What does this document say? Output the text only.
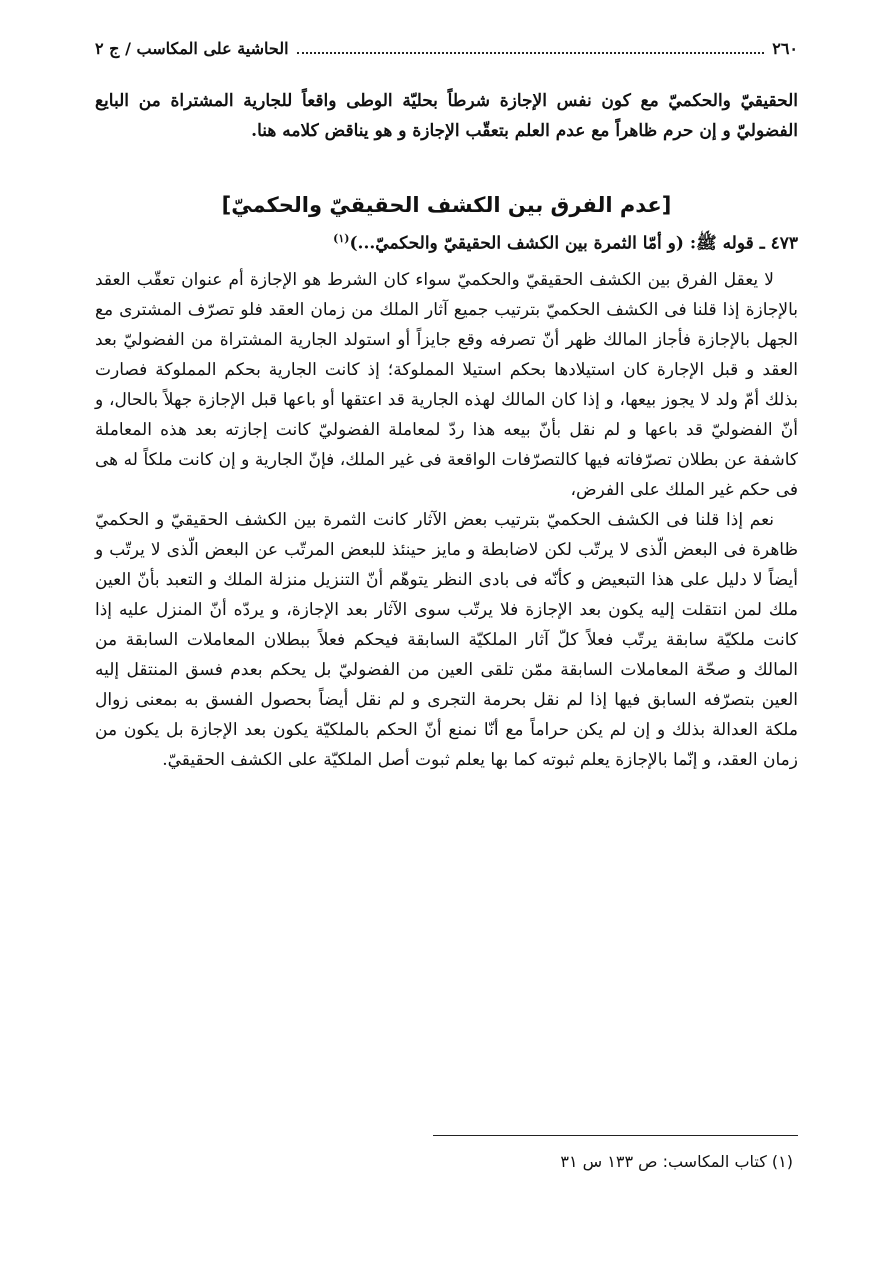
٢٦٠
الحاشية على المكاسب / ج ٢

الحقيقيّ والحكميّ مع كون نفس الإجازة شرطاً بحليّة الوطى واقعاً للجارية المشتراة من البايع الفضوليّ و إن حرم ظاهراً مع عدم العلم بتعقّب الإجازة و هو يناقض كلامه هنا.

[عدم الفرق بين الكشف الحقيقيّ والحكميّ]

٤٧٣ ـ قوله ﷺ: (و أمّا الثمرة بين الكشف الحقيقيّ والحكميّ...)$^{(١)}$

لا يعقل الفرق بين الكشف الحقيقيّ والحكميّ سواء كان الشرط هو الإجازة أم عنوان تعقّب العقد بالإجازة إذا قلنا فى الكشف الحكميّ بترتيب جميع آثار الملك من زمان العقد فلو تصرّف المشترى مع الجهل بالإجازة فأجاز المالك ظهر أنّ تصرفه وقع جايزاً أو استولد الجارية المشتراة من الفضوليّ بعد العقد و قبل الإجارة كان استيلادها بحكم استيلا المملوكة؛ إذ كانت الجارية بحكم المملوكة فصارت بذلك أمّ ولد لا يجوز بيعها، و إذا كان المالك لهذه الجارية قد اعتقها أو باعها قبل الإجازة جهلاً بالحال، و أنّ الفضوليّ قد باعها و لم نقل بأنّ بيعه هذا ردّ لمعاملة الفضوليّ كانت إجازته بعد هذه المعاملة كاشفة عن بطلان تصرّفاته فيها كالتصرّفات الواقعة فى غير الملك، فإنّ الجارية و إن كانت ملكاً له هى فى حكم غير الملك على الفرض،

نعم إذا قلنا فى الكشف الحكميّ بترتيب بعض الآثار كانت الثمرة بين الكشف الحقيقيّ و الحكميّ ظاهرة فى البعض الّذى لا يرتّب لكن لاضابطة و مايز حينئذ للبعض المرتّب عن البعض الّذى لا يرتّب و أيضاً لا دليل على هذا التبعيض و كأنّه فى بادى النظر يتوهّم أنّ التنزيل منزلة الملك و التعبد بأنّ العين ملك لمن انتقلت إليه يكون بعد الإجازة فلا يرتّب سوى الآثار بعد الإجازة، و يردّه أنّ المنزل عليه إذا كانت ملكيّة سابقة يرتّب فعلاً كلّ آثار الملكيّة السابقة فيحكم فعلاً ببطلان المعاملات السابقة من المالك و صحّة المعاملات السابقة ممّن تلقى العين من الفضوليّ بل يحكم بعدم فسق المنتقل إليه العين بتصرّفه السابق فيها إذا لم نقل بحرمة التجرى و لم نقل أيضاً بحصول الفسق به بمعنى زوال ملكة العدالة بذلك و إن لم يكن حراماً مع أنّا نمنع أنّ الحكم بالملكيّة يكون بعد الإجازة بل يكون من زمان العقد، و إنّما بالإجازة يعلم ثبوته كما بها يعلم ثبوت أصل الملكيّة على الكشف الحقيقيّ.

(١) كتاب المكاسب: ص ١٣٣ س ٣١
